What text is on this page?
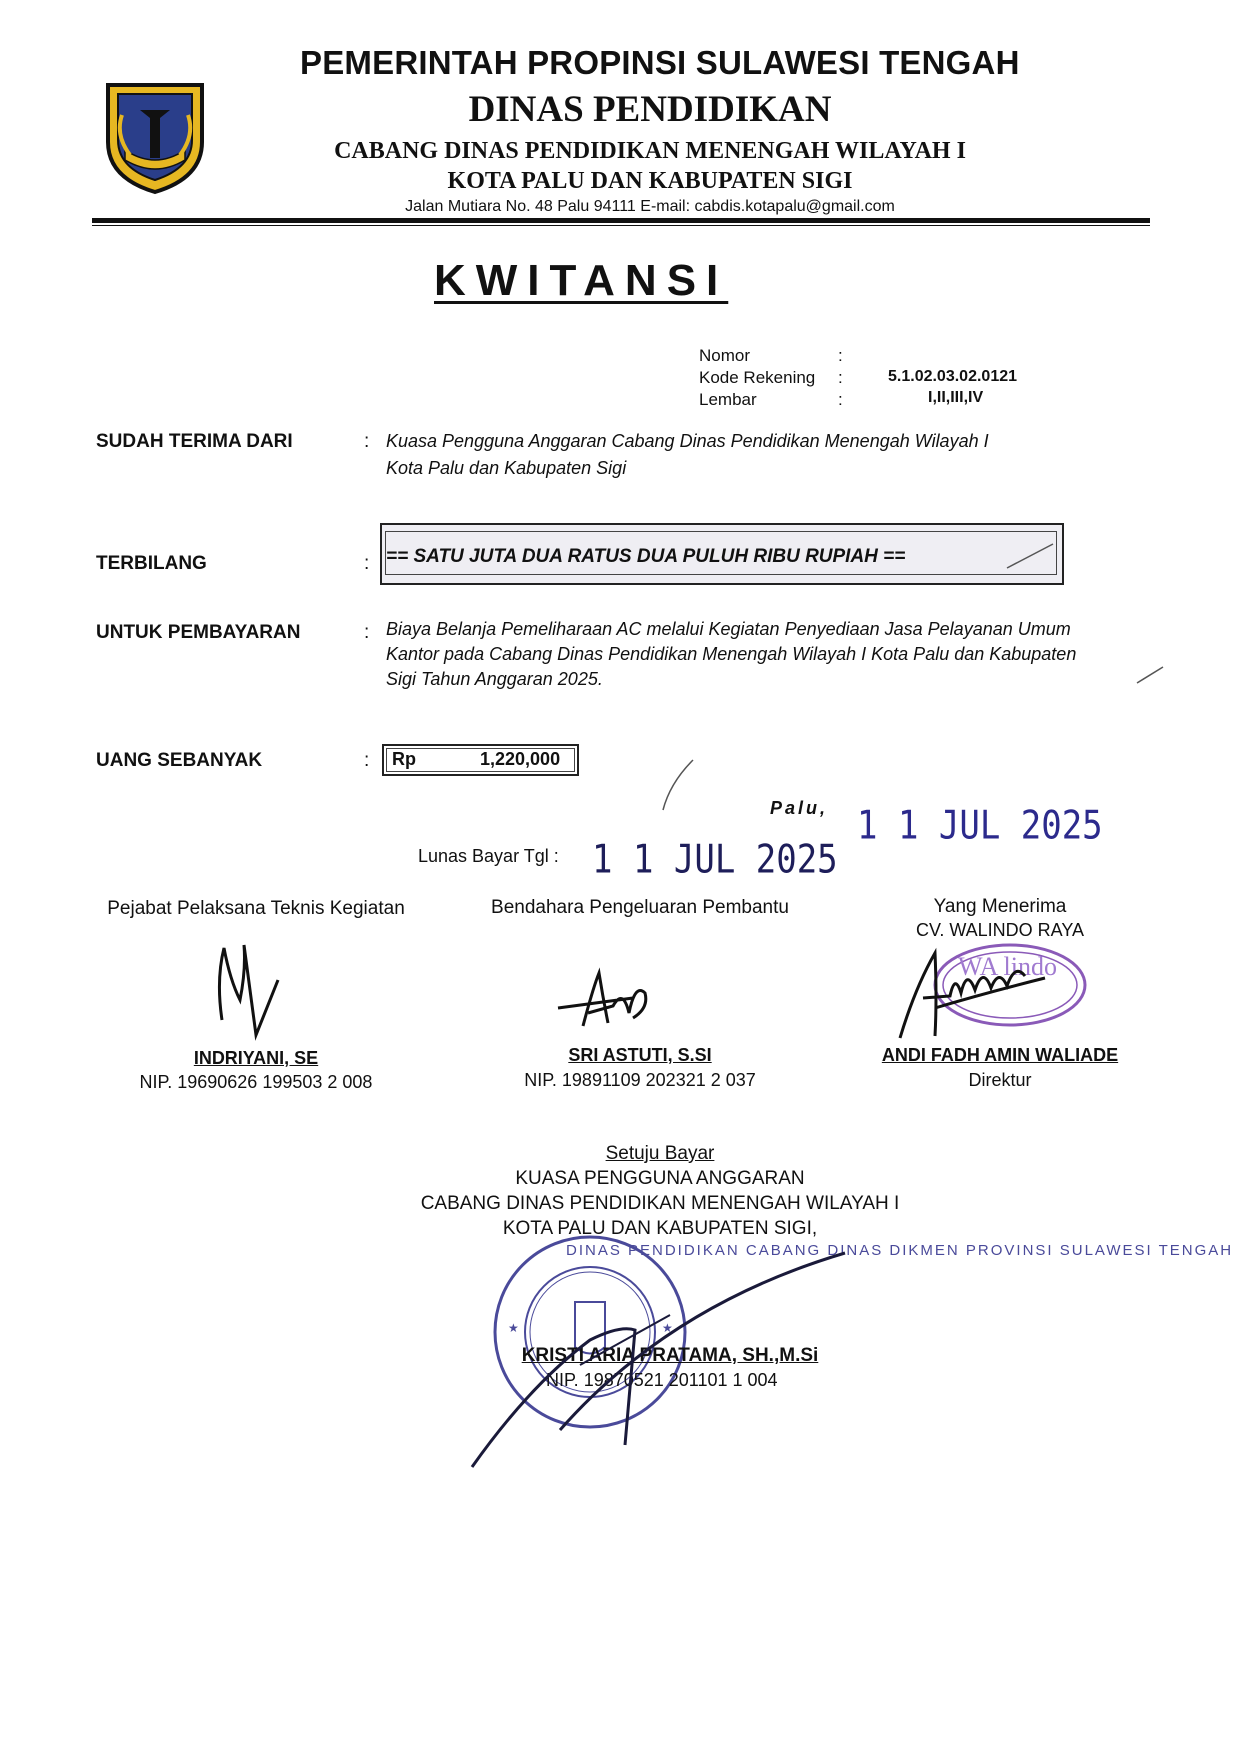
PEMERINTAH PROPINSI SULAWESI TENGAH
DINAS PENDIDIKAN
CABANG DINAS PENDIDIKAN MENENGAH WILAYAH I
KOTA PALU DAN KABUPATEN SIGI
Jalan Mutiara No. 48 Palu 94111 E-mail: cabdis.kotapalu@gmail.com
KWITANSI
Nomor	:
Kode Rekening :	5.1.02.03.02.0121
Lembar	:	I,II,III,IV
SUDAH TERIMA DARI	: Kuasa Pengguna Anggaran Cabang Dinas Pendidikan Menengah Wilayah I
Kota Palu dan Kabupaten Sigi
TERBILANG	: == SATU JUTA DUA RATUS DUA PULUH RIBU RUPIAH ==
UNTUK PEMBAYARAN	: Biaya Belanja Pemeliharaan AC melalui Kegiatan Penyediaan Jasa Pelayanan Umum
Kantor pada Cabang Dinas Pendidikan Menengah Wilayah I Kota Palu dan Kabupaten
Sigi Tahun Anggaran 2025.
UANG SEBANYAK	: Rp	1,220,000
Palu, 1 1 JUL 2025
Lunas Bayar Tgl : 1 1 JUL 2025
Pejabat Pelaksana Teknis Kegiatan
INDRIYANI, SE
NIP. 19690626 199503 2 008
Bendahara Pengeluaran Pembantu
SRI ASTUTI, S.SI
NIP. 19891109 202321 2 037
Yang Menerima
CV. WALINDO RAYA
WA lindo
ANDI FADH AMIN WALIADE
Direktur
Setuju Bayar
KUASA PENGGUNA ANGGARAN
CABANG DINAS PENDIDIKAN MENENGAH WILAYAH I
KOTA PALU DAN KABUPATEN SIGI,
★	★
DINAS PENDIDIKAN CABANG DINAS DIKMEN PROVINSI SULAWESI TENGAH
KRISTI ARIA PRATAMA, SH.,M.Si
NIP. 19870521 201101 1 004
